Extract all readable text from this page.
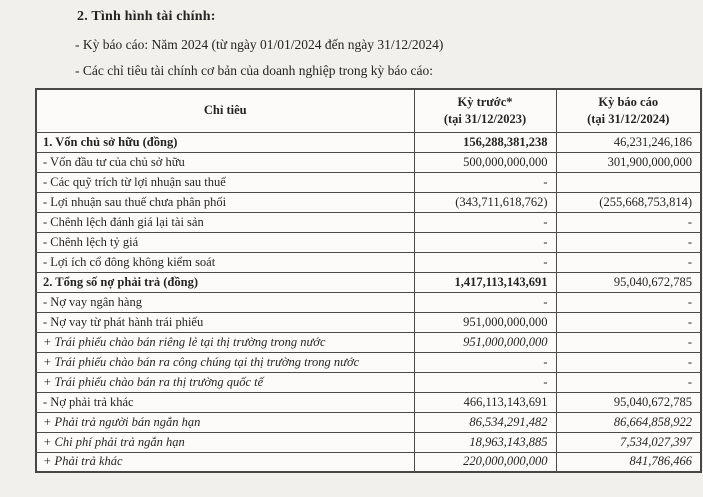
2. Tình hình tài chính:
- Kỳ báo cáo: Năm 2024 (từ ngày 01/01/2024 đến ngày 31/12/2024)
- Các chỉ tiêu tài chính cơ bản của doanh nghiệp trong kỳ báo cáo:
Chỉ tiêu

Kỳ trước*
(tại 31/12/2023)

Kỳ báo cáo
(tại 31/12/2024)

1. Vốn chủ sở hữu (đồng)	156,288,381,238	46,231,246,186
- Vốn đầu tư của chủ sở hữu	500,000,000,000	301,900,000,000
- Các quỹ trích từ lợi nhuận sau thuế	-	
- Lợi nhuận sau thuế chưa phân phối	(343,711,618,762)	(255,668,753,814)
- Chênh lệch đánh giá lại tài sản	-	-
- Chênh lệch tỷ giá	-	-
- Lợi ích cổ đông không kiểm soát	-	-
2. Tổng số nợ phải trả (đồng)	1,417,113,143,691	95,040,672,785
- Nợ vay ngân hàng	-	-
- Nợ vay từ phát hành trái phiếu	951,000,000,000	-
+ Trái phiếu chào bán riêng lẻ tại thị trường trong nước	951,000,000,000	-
+ Trái phiếu chào bán ra công chúng tại thị trường trong nước	-	-
+ Trái phiếu chào bán ra thị trường quốc tế	-	-
- Nợ phải trả khác	466,113,143,691	95,040,672,785
+ Phải trả người bán ngắn hạn	86,534,291,482	86,664,858,922
+ Chi phí phải trả ngắn hạn	18,963,143,885	7,534,027,397
+ Phải trả khác	220,000,000,000	841,786,466
